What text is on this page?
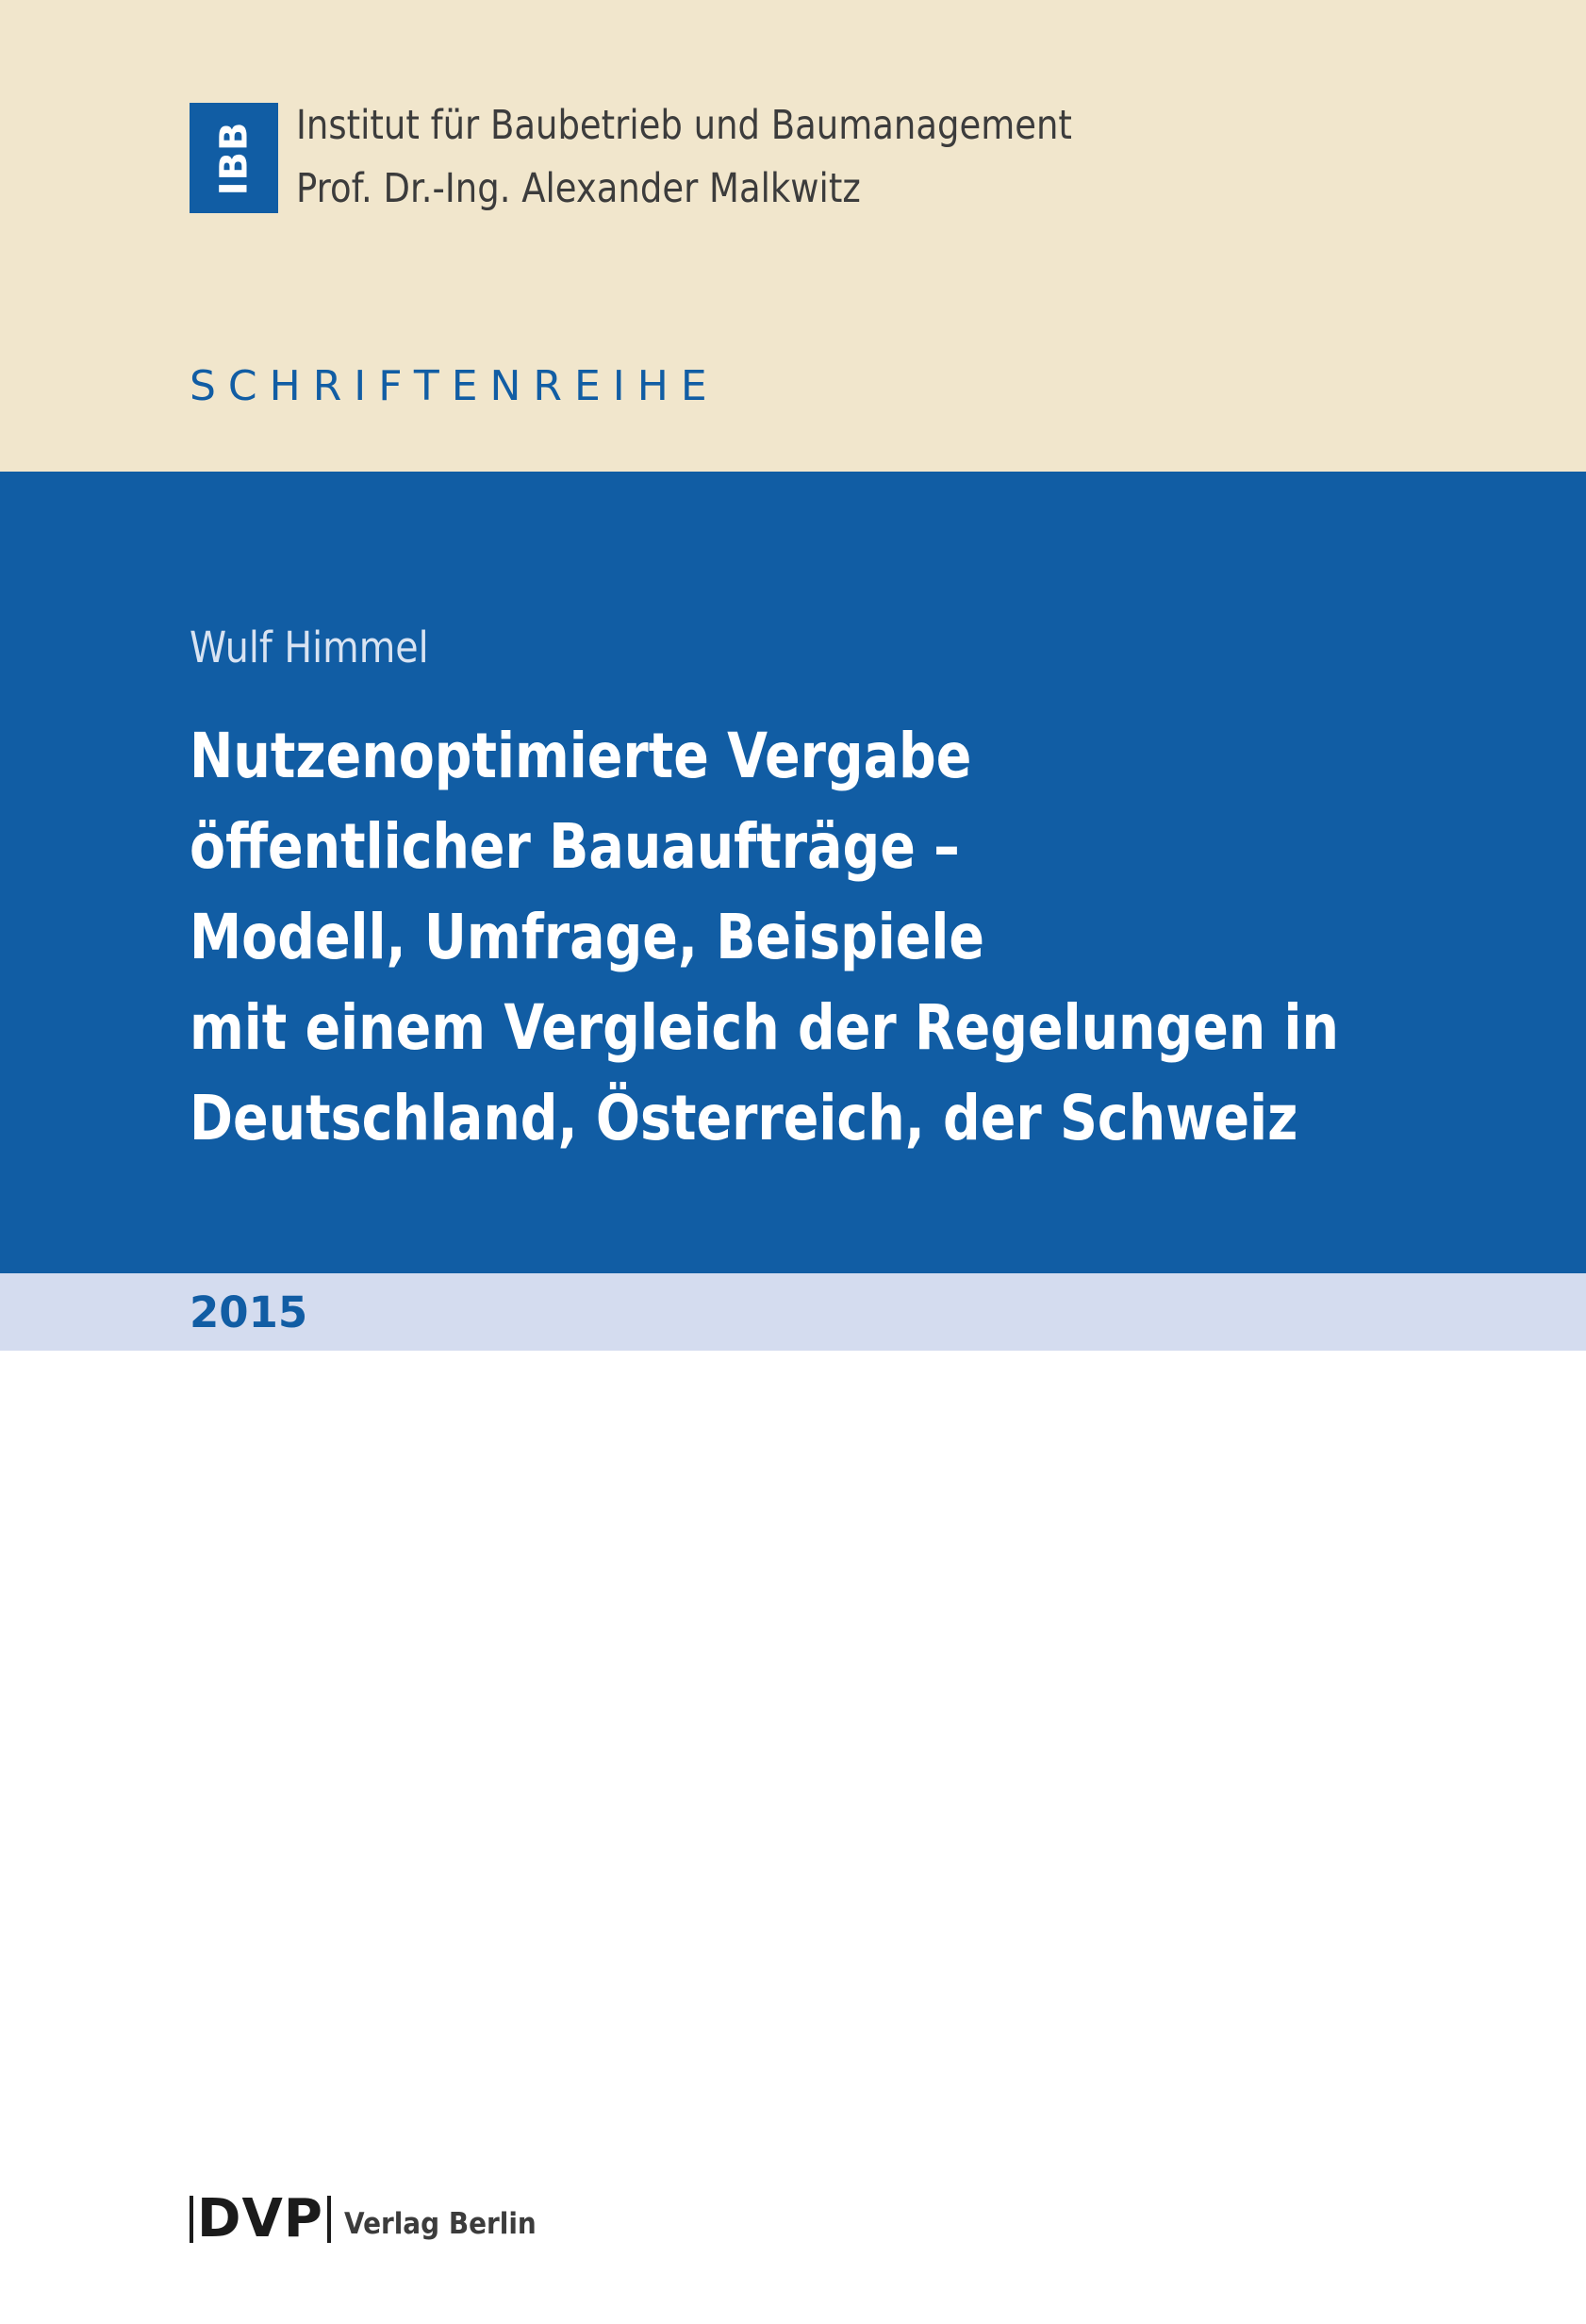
IBB Institut für Baubetrieb und Baumanagement
Prof. Dr.-Ing. Alexander Malkwitz
SCHRIFTENREIHE
Wulf Himmel
Nutzenoptimierte Vergabe
öffentlicher Bauaufträge –
Modell, Umfrage, Beispiele
mit einem Vergleich der Regelungen in
Deutschland, Österreich, der Schweiz
2015
DVP Verlag Berlin
